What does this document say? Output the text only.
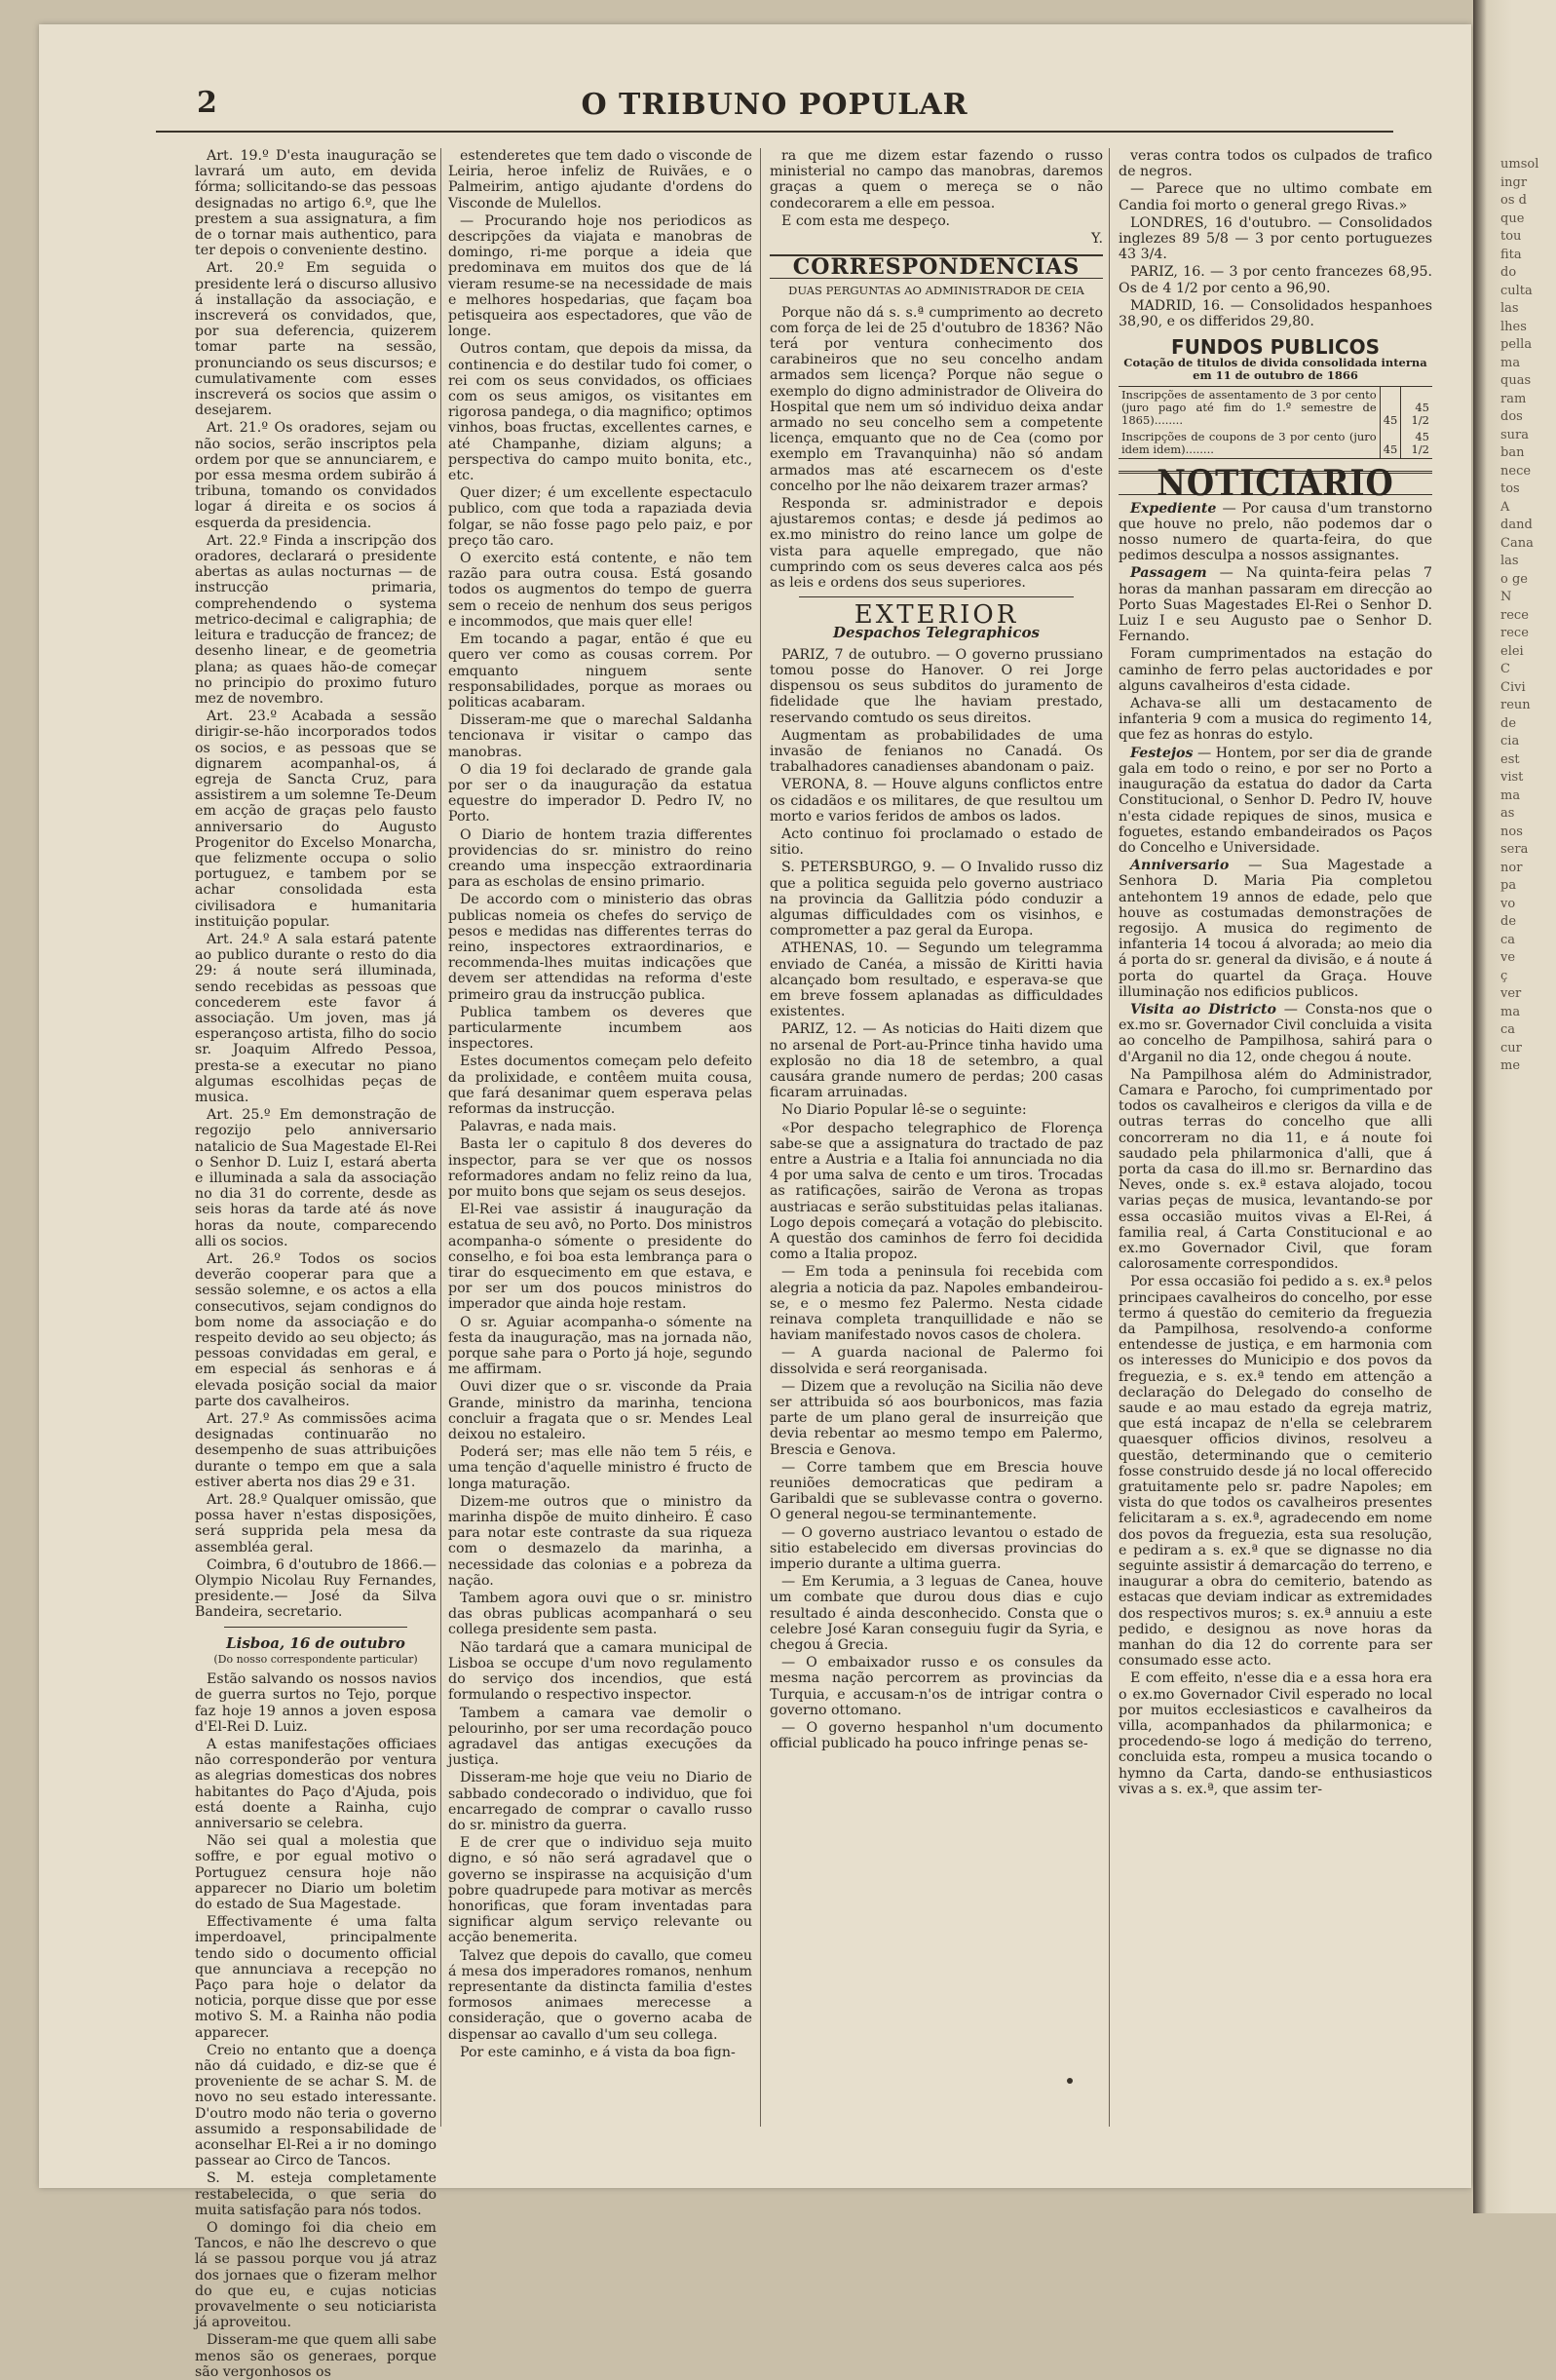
umsol
ingr
os d
que
tou
fita
do
culta
las
lhes
pella
ma
quas
ram
dos
sura
ban
nece
tos
A
dand
Cana
las
o ge
N
rece
rece
elei
C
Civi
reun
de
cia
est
vist
ma
as
nos
sera
nor
pa
vo
de
ca
ve
ç
ver
ma
ca
cur
me
2	O TRIBUNO POPULAR

Art. 19.º D'esta inauguração se lavrará um auto, em devida fórma; sollicitando-se das pessoas designadas no artigo 6.º, que lhe prestem a sua assignatura, a fim de o tornar mais authentico, para ter depois o conveniente destino.

Art. 20.º Em seguida o presidente lerá o discurso allusivo á installação da associação, e inscreverá os convidados, que, por sua deferencia, quizerem tomar parte na sessão, pronunciando os seus discursos; e cumulativamente com esses inscreverá os socios que assim o desejarem.

Art. 21.º Os oradores, sejam ou não socios, serão inscriptos pela ordem por que se annunciarem, e por essa mesma ordem subirão á tribuna, tomando os convidados logar á direita e os socios á esquerda da presidencia.

Art. 22.º Finda a inscripção dos oradores, declarará o presidente abertas as aulas nocturnas — de instrucção primaria, comprehendendo o systema metrico-decimal e caligraphia; de leitura e traducção de francez; de desenho linear, e de geometria plana; as quaes hão-de começar no principio do proximo futuro mez de novembro.

Art. 23.º Acabada a sessão dirigir-se-hão incorporados todos os socios, e as pessoas que se dignarem acompanhal-os, á egreja de Sancta Cruz, para assistirem a um solemne Te-Deum em acção de graças pelo fausto anniversario do Augusto Progenitor do Excelso Monarcha, que felizmente occupa o solio portuguez, e tambem por se achar consolidada esta civilisadora e humanitaria instituição popular.

Art. 24.º A sala estará patente ao publico durante o resto do dia 29: á noute será illuminada, sendo recebidas as pessoas que concederem este favor á associação. Um joven, mas já esperançoso artista, filho do socio sr. Joaquim Alfredo Pessoa, presta-se a executar no piano algumas escolhidas peças de musica.

Art. 25.º Em demonstração de regozijo pelo anniversario natalicio de Sua Magestade El-Rei o Senhor D. Luiz I, estará aberta e illuminada a sala da associação no dia 31 do corrente, desde as seis horas da tarde até ás nove horas da noute, comparecendo alli os socios.

Art. 26.º Todos os socios deverão cooperar para que a sessão solemne, e os actos a ella consecutivos, sejam condignos do bom nome da associação e do respeito devido ao seu objecto; ás pessoas convidadas em geral, e em especial ás senhoras e á elevada posição social da maior parte dos cavalheiros.

Art. 27.º As commissões acima designadas continuarão no desempenho de suas attribuições durante o tempo em que a sala estiver aberta nos dias 29 e 31.

Art. 28.º Qualquer omissão, que possa haver n'estas disposições, será supprida pela mesa da assembléa geral.

Coimbra, 6 d'outubro de 1866.— Olympio Nicolau Ruy Fernandes, presidente.— José da Silva Bandeira, secretario.

Lisboa, 16 de outubro
(Do nosso correspondente particular)

Estão salvando os nossos navios de guerra surtos no Tejo, porque faz hoje 19 annos a joven esposa d'El-Rei D. Luiz.

A estas manifestações officiaes não corresponderão por ventura as alegrias domesticas dos nobres habitantes do Paço d'Ajuda, pois está doente a Rainha, cujo anniversario se celebra.

Não sei qual a molestia que soffre, e por egual motivo o Portuguez censura hoje não apparecer no Diario um boletim do estado de Sua Magestade.

Effectivamente é uma falta imperdoavel, principalmente tendo sido o documento official que annunciava a recepção no Paço para hoje o delator da noticia, porque disse que por esse motivo S. M. a Rainha não podia apparecer.

Creio no entanto que a doença não dá cuidado, e diz-se que é proveniente de se achar S. M. de novo no seu estado interessante. D'outro modo não teria o governo assumido a responsabilidade de aconselhar El-Rei a ir no domingo passear ao Circo de Tancos.

S. M. esteja completamente restabelecida, o que seria do muita satisfação para nós todos.

O domingo foi dia cheio em Tancos, e não lhe descrevo o que lá se passou porque vou já atraz dos jornaes que o fizeram melhor do que eu, e cujas noticias provavelmente o seu noticiarista já aproveitou.

Disseram-me que quem alli sabe menos são os generaes, porque são vergonhosos os

estenderetes que tem dado o visconde de Leiria, heroe infeliz de Ruivães, e o Palmeirim, antigo ajudante d'ordens do Visconde de Mulellos.

— Procurando hoje nos periodicos as descripções da viajata e manobras de domingo, ri-me porque a ideia que predominava em muitos dos que de lá vieram resume-se na necessidade de mais e melhores hospedarias, que façam boa petisqueira aos espectadores, que vão de longe.

Outros contam, que depois da missa, da continencia e do destilar tudo foi comer, o rei com os seus convidados, os officiaes com os seus amigos, os visitantes em rigorosa pandega, o dia magnifico; optimos vinhos, boas fructas, excellentes carnes, e até Champanhe, diziam alguns; a perspectiva do campo muito bonita, etc., etc.

Quer dizer; é um excellente espectaculo publico, com que toda a rapaziada devia folgar, se não fosse pago pelo paiz, e por preço tão caro.

O exercito está contente, e não tem razão para outra cousa. Está gosando todos os augmentos do tempo de guerra sem o receio de nenhum dos seus perigos e incommodos, que mais quer elle!

Em tocando a pagar, então é que eu quero ver como as cousas correm. Por emquanto ninguem sente responsabilidades, porque as moraes ou politicas acabaram.

Disseram-me que o marechal Saldanha tencionava ir visitar o campo das manobras.

O dia 19 foi declarado de grande gala por ser o da inauguração da estatua equestre do imperador D. Pedro IV, no Porto.

O Diario de hontem trazia differentes providencias do sr. ministro do reino creando uma inspecção extraordinaria para as escholas de ensino primario.

De accordo com o ministerio das obras publicas nomeia os chefes do serviço de pesos e medidas nas differentes terras do reino, inspectores extraordinarios, e recommenda-lhes muitas indicações que devem ser attendidas na reforma d'este primeiro grau da instrucção publica.

Publica tambem os deveres que particularmente incumbem aos inspectores.

Estes documentos começam pelo defeito da prolixidade, e contêem muita cousa, que fará desanimar quem esperava pelas reformas da instrucção.

Palavras, e nada mais.

Basta ler o capitulo 8 dos deveres do inspector, para se ver que os nossos reformadores andam no feliz reino da lua, por muito bons que sejam os seus desejos.

El-Rei vae assistir á inauguração da estatua de seu avô, no Porto. Dos ministros acompanha-o sómente o presidente do conselho, e foi boa esta lembrança para o tirar do esquecimento em que estava, e por ser um dos poucos ministros do imperador que ainda hoje restam.

O sr. Aguiar acompanha-o sómente na festa da inauguração, mas na jornada não, porque sahe para o Porto já hoje, segundo me affirmam.

Ouvi dizer que o sr. visconde da Praia Grande, ministro da marinha, tenciona concluir a fragata que o sr. Mendes Leal deixou no estaleiro.

Poderá ser; mas elle não tem 5 réis, e uma tenção d'aquelle ministro é fructo de longa maturação.

Dizem-me outros que o ministro da marinha dispõe de muito dinheiro. É caso para notar este contraste da sua riqueza com o desmazelo da marinha, a necessidade das colonias e a pobreza da nação.

Tambem agora ouvi que o sr. ministro das obras publicas acompanhará o seu collega presidente sem pasta.

Não tardará que a camara municipal de Lisboa se occupe d'um novo regulamento do serviço dos incendios, que está formulando o respectivo inspector.

Tambem a camara vae demolir o pelourinho, por ser uma recordação pouco agradavel das antigas execuções da justiça.

Disseram-me hoje que veiu no Diario de sabbado condecorado o individuo, que foi encarregado de comprar o cavallo russo do sr. ministro da guerra.

E de crer que o individuo seja muito digno, e só não será agradavel que o governo se inspirasse na acquisição d'um pobre quadrupede para motivar as mercês honorificas, que foram inventadas para significar algum serviço relevante ou acção benemerita.

Talvez que depois do cavallo, que comeu á mesa dos imperadores romanos, nenhum representante da distincta familia d'estes formosos animaes merecesse a consideração, que o governo acaba de dispensar ao cavallo d'um seu collega.

Por este caminho, e á vista da boa fign-

ra que me dizem estar fazendo o russo ministerial no campo das manobras, daremos graças a quem o mereça se o não condecorarem a elle em pessoa.

E com esta me despeço.

Y.
CORRESPONDENCIAS
DUAS PERGUNTAS AO ADMINISTRADOR DE CEIA

Porque não dá s. s.ª cumprimento ao decreto com força de lei de 25 d'outubro de 1836? Não terá por ventura conhecimento dos carabineiros que no seu concelho andam armados sem licença? Porque não segue o exemplo do digno administrador de Oliveira do Hospital que nem um só individuo deixa andar armado no seu concelho sem a competente licença, emquanto que no de Cea (como por exemplo em Travanquinha) não só andam armados mas até escarnecem os d'este concelho por lhe não deixarem trazer armas?

Responda sr. administrador e depois ajustaremos contas; e desde já pedimos ao ex.mo ministro do reino lance um golpe de vista para aquelle empregado, que não cumprindo com os seus deveres calca aos pés as leis e ordens dos seus superiores.

EXTERIOR
Despachos Telegraphicos

PARIZ, 7 de outubro. — O governo prussiano tomou posse do Hanover. O rei Jorge dispensou os seus subditos do juramento de fidelidade que lhe haviam prestado, reservando comtudo os seus direitos.

Augmentam as probabilidades de uma invasão de fenianos no Canadá. Os trabalhadores canadienses abandonam o paiz.

VERONA, 8. — Houve alguns conflictos entre os cidadãos e os militares, de que resultou um morto e varios feridos de ambos os lados.

Acto continuo foi proclamado o estado de sitio.

S. PETERSBURGO, 9. — O Invalido russo diz que a politica seguida pelo governo austriaco na provincia da Gallitzia pódo conduzir a algumas difficuldades com os visinhos, e comprometter a paz geral da Europa.

ATHENAS, 10. — Segundo um telegramma enviado de Canéa, a missão de Kiritti havia alcançado bom resultado, e esperava-se que em breve fossem aplanadas as difficuldades existentes.

PARIZ, 12. — As noticias do Haiti dizem que no arsenal de Port-au-Prince tinha havido uma explosão no dia 18 de setembro, a qual causára grande numero de perdas; 200 casas ficaram arruinadas.

No Diario Popular lê-se o seguinte:

«Por despacho telegraphico de Florença sabe-se que a assignatura do tractado de paz entre a Austria e a Italia foi annunciada no dia 4 por uma salva de cento e um tiros. Trocadas as ratificações, sairão de Verona as tropas austriacas e serão substituidas pelas italianas. Logo depois começará a votação do plebiscito. A questão dos caminhos de ferro foi decidida como a Italia propoz.

— Em toda a peninsula foi recebida com alegria a noticia da paz. Napoles embandeirou-se, e o mesmo fez Palermo. Nesta cidade reinava completa tranquillidade e não se haviam manifestado novos casos de cholera.

— A guarda nacional de Palermo foi dissolvida e será reorganisada.

— Dizem que a revolução na Sicilia não deve ser attribuida só aos bourbonicos, mas fazia parte de um plano geral de insurreição que devia rebentar ao mesmo tempo em Palermo, Brescia e Genova.

— Corre tambem que em Brescia houve reuniões democraticas que pediram a Garibaldi que se sublevasse contra o governo. O general negou-se terminantemente.

— O governo austriaco levantou o estado de sitio estabelecido em diversas provincias do imperio durante a ultima guerra.

— Em Kerumia, a 3 leguas de Canea, houve um combate que durou dous dias e cujo resultado é ainda desconhecido. Consta que o celebre José Karan conseguiu fugir da Syria, e chegou á Grecia.

— O embaixador russo e os consules da mesma nação percorrem as provincias da Turquia, e accusam-n'os de intrigar contra o governo ottomano.

— O governo hespanhol n'um documento official publicado ha pouco infringe penas se-

veras contra todos os culpados de trafico de negros.

— Parece que no ultimo combate em Candia foi morto o general grego Rivas.»

LONDRES, 16 d'outubro. — Consolidados inglezes 89 5/8 — 3 por cento portuguezes 43 3/4.

PARIZ, 16. — 3 por cento francezes 68,95. Os de 4 1/2 por cento a 96,90.

MADRID, 16. — Consolidados hespanhoes 38,90, e os differidos 29,80.

FUNDOS PUBLICOS
Cotação de titulos de divida consolidada interna em 11 de outubro de 1866
Inscripções de assentamento de 3 por cento (juro pago até fim do 1.º semestre de 1865)........	45	45 1/2
Inscripções de coupons de 3 por cento (juro idem idem)........	45	45 1/2
NOTICIARIO

Expediente — Por causa d'um transtorno que houve no prelo, não podemos dar o nosso numero de quarta-feira, do que pedimos desculpa a nossos assignantes.

Passagem — Na quinta-feira pelas 7 horas da manhan passaram em direcção ao Porto Suas Magestades El-Rei o Senhor D. Luiz I e seu Augusto pae o Senhor D. Fernando.

Foram cumprimentados na estação do caminho de ferro pelas auctoridades e por alguns cavalheiros d'esta cidade.

Achava-se alli um destacamento de infanteria 9 com a musica do regimento 14, que fez as honras do estylo.

Festejos — Hontem, por ser dia de grande gala em todo o reino, e por ser no Porto a inauguração da estatua do dador da Carta Constitucional, o Senhor D. Pedro IV, houve n'esta cidade repiques de sinos, musica e foguetes, estando embandeirados os Paços do Concelho e Universidade.

Anniversario — Sua Magestade a Senhora D. Maria Pia completou antehontem 19 annos de edade, pelo que houve as costumadas demonstrações de regosijo. A musica do regimento de infanteria 14 tocou á alvorada; ao meio dia á porta do sr. general da divisão, e á noute á porta do quartel da Graça. Houve illuminação nos edificios publicos.

Visita ao Districto — Consta-nos que o ex.mo sr. Governador Civil concluida a visita ao concelho de Pampilhosa, sahirá para o d'Arganil no dia 12, onde chegou á noute.

Na Pampilhosa além do Administrador, Camara e Parocho, foi cumprimentado por todos os cavalheiros e clerigos da villa e de outras terras do concelho que alli concorreram no dia 11, e á noute foi saudado pela philarmonica d'alli, que á porta da casa do ill.mo sr. Bernardino das Neves, onde s. ex.ª estava alojado, tocou varias peças de musica, levantando-se por essa occasião muitos vivas a El-Rei, á familia real, á Carta Constitucional e ao ex.mo Governador Civil, que foram calorosamente correspondidos.

Por essa occasião foi pedido a s. ex.ª pelos principaes cavalheiros do concelho, por esse termo á questão do cemiterio da freguezia da Pampilhosa, resolvendo-a conforme entendesse de justiça, e em harmonia com os interesses do Municipio e dos povos da freguezia, e s. ex.ª tendo em attenção a declaração do Delegado do conselho de saude e ao mau estado da egreja matriz, que está incapaz de n'ella se celebrarem quaesquer officios divinos, resolveu a questão, determinando que o cemiterio fosse construido desde já no local offerecido gratuitamente pelo sr. padre Napoles; em vista do que todos os cavalheiros presentes felicitaram a s. ex.ª, agradecendo em nome dos povos da freguezia, esta sua resolução, e pediram a s. ex.ª que se dignasse no dia seguinte assistir á demarcação do terreno, e inaugurar a obra do cemiterio, batendo as estacas que deviam indicar as extremidades dos respectivos muros; s. ex.ª annuiu a este pedido, e designou as nove horas da manhan do dia 12 do corrente para ser consumado esse acto.

E com effeito, n'esse dia e a essa hora era o ex.mo Governador Civil esperado no local por muitos ecclesiasticos e cavalheiros da villa, acompanhados da philarmonica; e procedendo-se logo á medição do terreno, concluida esta, rompeu a musica tocando o hymno da Carta, dando-se enthusiasticos vivas a s. ex.ª, que assim ter-
